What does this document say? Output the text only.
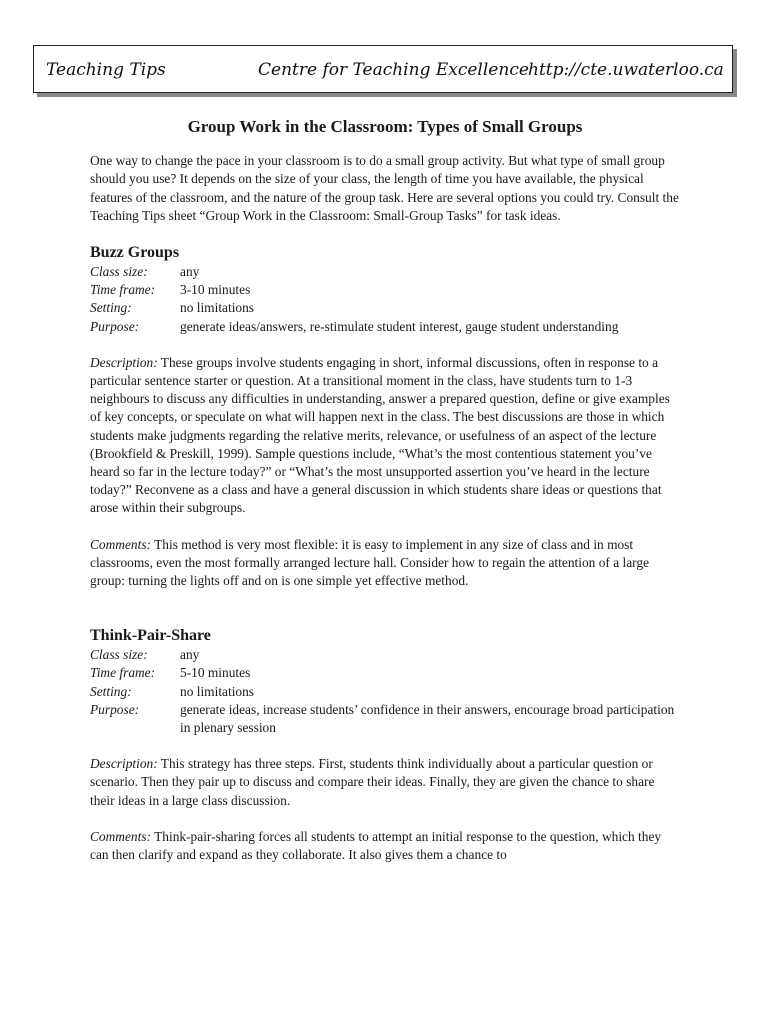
Teaching Tips	Centre for Teaching Excellence http://cte.uwaterloo.ca
Group Work in the Classroom: Types of Small Groups

One way to change the pace in your classroom is to do a small group activity. But what type of small group should you use? It depends on the size of your class, the length of time you have available, the physical features of the classroom, and the nature of the group task. Here are several options you could try. Consult the Teaching Tips sheet “Group Work in the Classroom: Small-Group Tasks” for task ideas.

Buzz Groups
Class size:	any
Time frame:	3-10 minutes
Setting:	no limitations
Purpose:	generate ideas/answers, re-stimulate student interest, gauge student understanding

Description: These groups involve students engaging in short, informal discussions, often in response to a particular sentence starter or question. At a transitional moment in the class, have students turn to 1-3 neighbours to discuss any difficulties in understanding, answer a prepared question, define or give examples of key concepts, or speculate on what will happen next in the class. The best discussions are those in which students make judgments regarding the relative merits, relevance, or usefulness of an aspect of the lecture (Brookfield & Preskill, 1999). Sample questions include, “What’s the most contentious statement you’ve heard so far in the lecture today?” or “What’s the most unsupported assertion you’ve heard in the lecture today?” Reconvene as a class and have a general discussion in which students share ideas or questions that arose within their subgroups.

Comments: This method is very most flexible: it is easy to implement in any size of class and in most classrooms, even the most formally arranged lecture hall. Consider how to regain the attention of a large group: turning the lights off and on is one simple yet effective method.

Think-Pair-Share
Class size:	any
Time frame:	5-10 minutes
Setting:	no limitations
Purpose:	generate ideas, increase students’ confidence in their answers, encourage broad participation in plenary session

Description: This strategy has three steps. First, students think individually about a particular question or scenario. Then they pair up to discuss and compare their ideas. Finally, they are given the chance to share their ideas in a large class discussion.

Comments: Think-pair-sharing forces all students to attempt an initial response to the question, which they can then clarify and expand as they collaborate. It also gives them a chance to
